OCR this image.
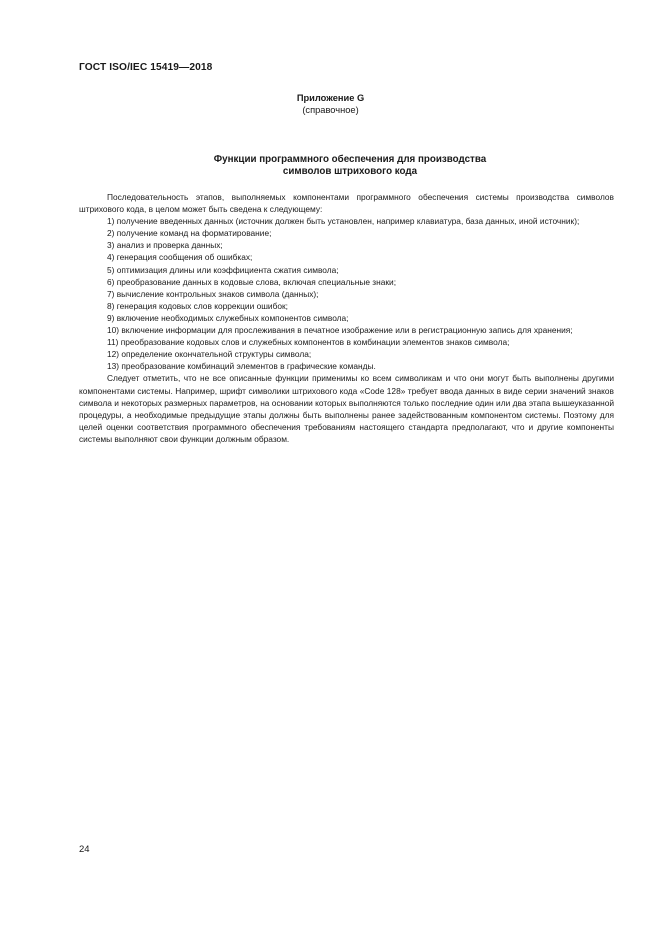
ГОСТ ISO/IEC 15419—2018
Приложение G
(справочное)
Функции программного обеспечения для производства
символов штрихового кода

Последовательность этапов, выполняемых компонентами программного обеспечения системы производства символов штрихового кода, в целом может быть сведена к следующему:

1) получение введенных данных (источник должен быть установлен, например клавиатура, база данных, иной источник);

2) получение команд на форматирование;

3) анализ и проверка данных;

4) генерация сообщения об ошибках;

5) оптимизация длины или коэффициента сжатия символа;

6) преобразование данных в кодовые слова, включая специальные знаки;

7) вычисление контрольных знаков символа (данных);

8) генерация кодовых слов коррекции ошибок;

9) включение необходимых служебных компонентов символа;

10) включение информации для прослеживания в печатное изображение или в регистрационную запись для хранения;

11) преобразование кодовых слов и служебных компонентов в комбинации элементов знаков символа;

12) определение окончательной структуры символа;

13) преобразование комбинаций элементов в графические команды.

Следует отметить, что не все описанные функции применимы ко всем символикам и что они могут быть выполнены другими компонентами системы. Например, шрифт символики штрихового кода «Code 128» требует ввода данных в виде серии значений знаков символа и некоторых размерных параметров, на основании которых выполняются только последние один или два этапа вышеуказанной процедуры, а необходимые предыдущие этапы должны быть выполнены ранее задействованным компонентом системы. Поэтому для целей оценки соответствия программного обеспечения требованиям настоящего стандарта предполагают, что и другие компоненты системы выполняют свои функции должным образом.

24
